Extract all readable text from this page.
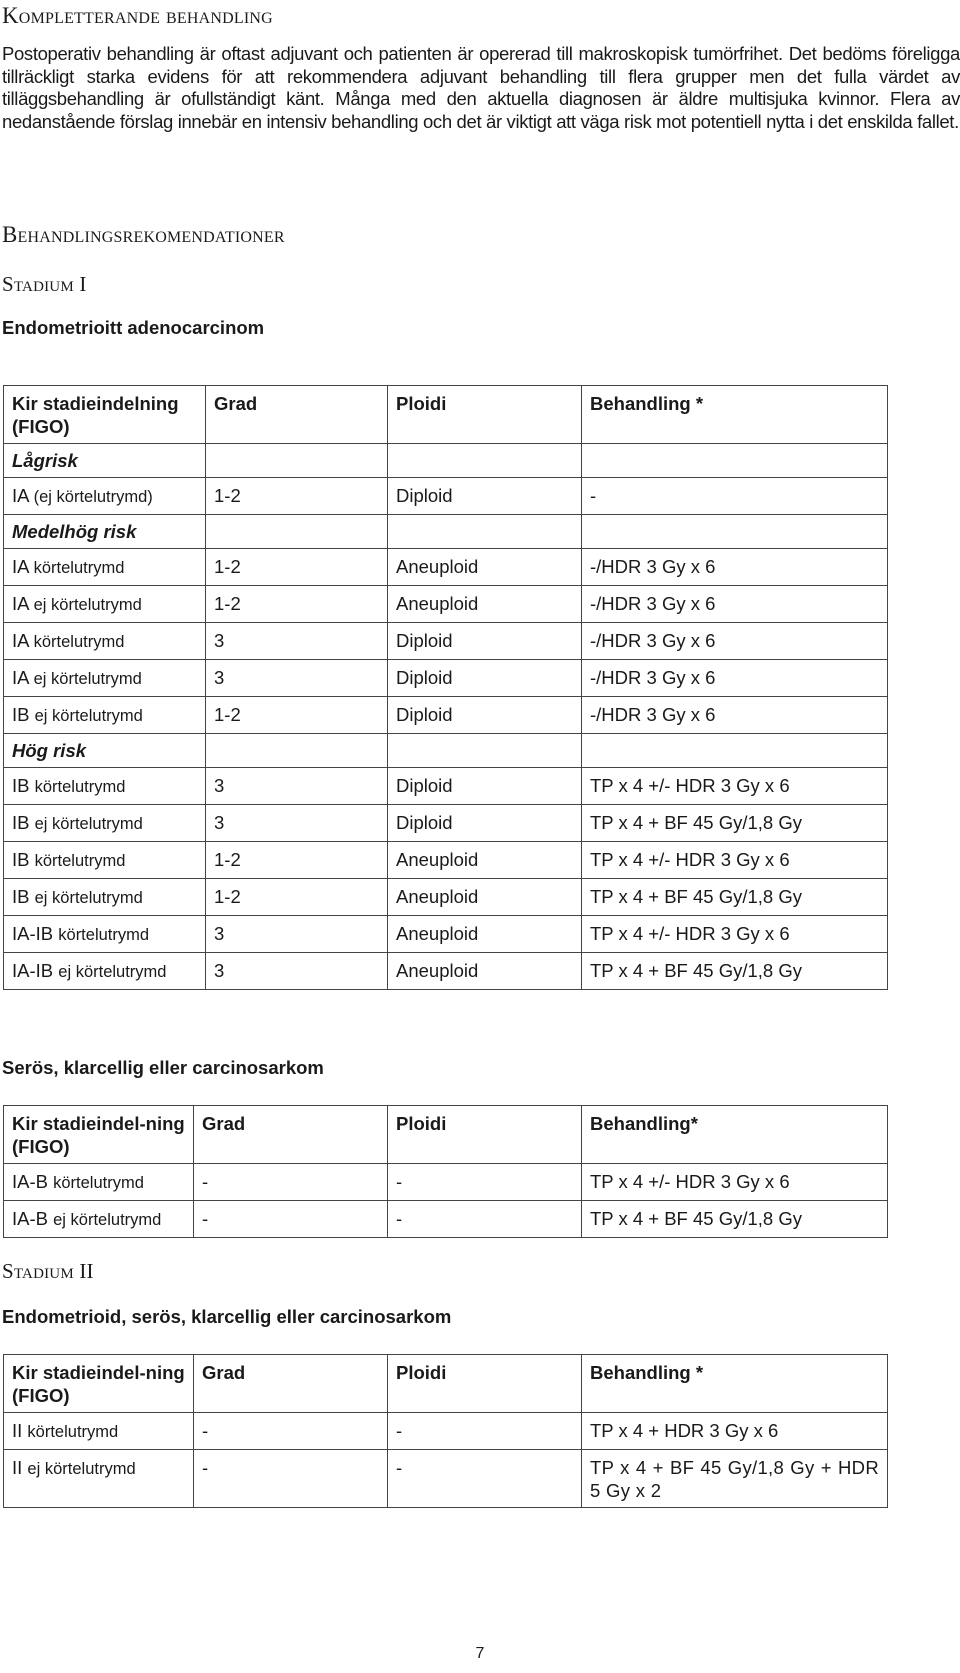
Kompletterande behandling

Postoperativ behandling är oftast adjuvant och patienten är opererad till makroskopisk tumörfrihet. Det bedöms föreligga tillräckligt starka evidens för att rekommendera adjuvant behandling till flera grupper men det fulla värdet av tilläggsbehandling är ofullständigt känt. Många med den aktuella diagnosen är äldre multisjuka kvinnor. Flera av nedanstående förslag innebär en intensiv behandling och det är viktigt att väga risk mot potentiell nytta i det enskilda fallet.

Behandlingsrekomendationer
Stadium I
Endometrioitt adenocarcinom
Kir stadieindelning (FIGO)	Grad	Ploidi	Behandling *
Lågrisk			
IA (ej körtelutrymd)	1-2	Diploid	-
Medelhög risk			
IA körtelutrymd	1-2	Aneuploid	-/HDR 3 Gy x 6
IA ej körtelutrymd	1-2	Aneuploid	-/HDR 3 Gy x 6
IA körtelutrymd	3	Diploid	-/HDR 3 Gy x 6
IA ej körtelutrymd	3	Diploid	-/HDR 3 Gy x 6
IB ej körtelutrymd	1-2	Diploid	-/HDR 3 Gy x 6
Hög risk			
IB körtelutrymd	3	Diploid	TP x 4 +/- HDR 3 Gy x 6
IB ej körtelutrymd	3	Diploid	TP x 4 + BF 45 Gy/1,8 Gy
IB körtelutrymd	1-2	Aneuploid	TP x 4 +/- HDR 3 Gy x 6
IB ej körtelutrymd	1-2	Aneuploid	TP x 4 + BF 45 Gy/1,8 Gy
IA-IB körtelutrymd	3	Aneuploid	TP x 4 +/- HDR 3 Gy x 6
IA-IB ej körtelutrymd	3	Aneuploid	TP x 4 + BF 45 Gy/1,8 Gy
Serös, klarcellig eller carcinosarkom
Kir stadieindel-ning (FIGO)	Grad	Ploidi	Behandling*
IA-B körtelutrymd	-	-	TP x 4 +/- HDR 3 Gy x 6
IA-B ej körtelutrymd	-	-	TP x 4 + BF 45 Gy/1,8 Gy
Stadium II
Endometrioid, serös, klarcellig eller carcinosarkom
Kir stadieindel-ning (FIGO)	Grad	Ploidi	Behandling *
II körtelutrymd	-	-	TP x 4 + HDR 3 Gy x 6
II ej körtelutrymd	-	-	TP x 4 + BF 45 Gy/1,8 Gy + HDR 5 Gy x 2

7
